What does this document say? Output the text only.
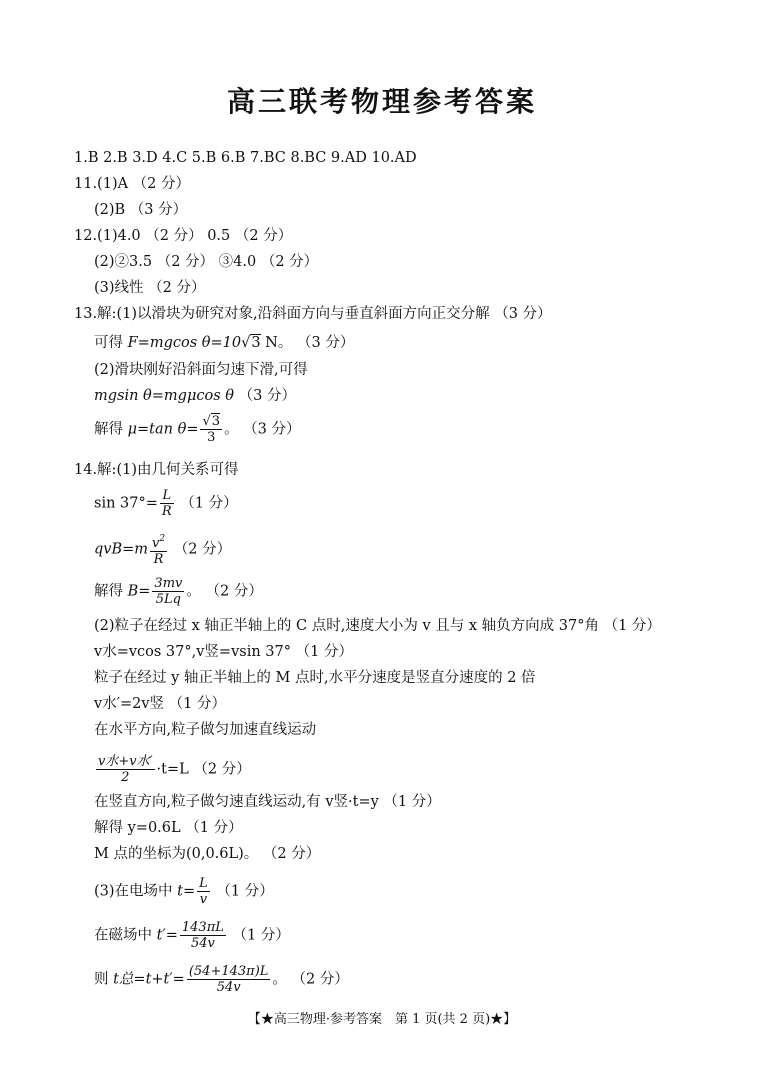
高三联考物理参考答案
1.B 2.B 3.D 4.C 5.B 6.B 7.BC 8.BC 9.AD 10.AD
11.(1)A （2 分）
(2)B （3 分）
12.(1)4.0 （2 分） 0.5 （2 分）
(2)②3.5 （2 分） ③4.0 （2 分）
(3)线性 （2 分）
13.解:(1)以滑块为研究对象,沿斜面方向与垂直斜面方向正交分解 （3 分）
可得 F=mgcos θ=10√3 N。 （3 分）
(2)滑块刚好沿斜面匀速下滑,可得
mgsin θ=mgμcos θ （3 分）
解得 μ=tan $\theta= \frac{√3}{3}$ 。 （3 分）
14.解:(1)由几何关系可得
$\sin 37^\circ= \frac{L}{R} (1$ 分）
$qvB=m \frac{v^2}{R} (2$ 分）
解得 $B= \frac{3mv}{5Lq}$ 。 （2 分）
(2)粒子在经过 x 轴正半轴上的 C 点时,速度大小为 v 且与 x 轴负方向成 37°角 （1 分）
v水=vcos 37°,v竖=vsin 37° （1 分）
粒子在经过 y 轴正半轴上的 M 点时,水平分速度是竖直分速度的 2 倍
v水′=2v竖 （1 分）
在水平方向,粒子做匀加速直线运动
$\frac{\text{v水+v水′}}{2} \cdot t=L$ （2 分）
在竖直方向,粒子做匀速直线运动,有 v竖·t=y （1 分）
解得 y=0.6L （1 分）
M 点的坐标为(0,0.6L)。 （2 分）
(3)在电场中 $t= \frac{L}{v} (1$ 分）
在磁场中 $t'= \frac{143\pi L}{54v} (1$ 分）
则 t总$=t+t'= \frac{(54+143\pi)L}{54v}$ 。 （2 分）
【★高三物理·参考答案　第 1 页(共 2 页)★】
